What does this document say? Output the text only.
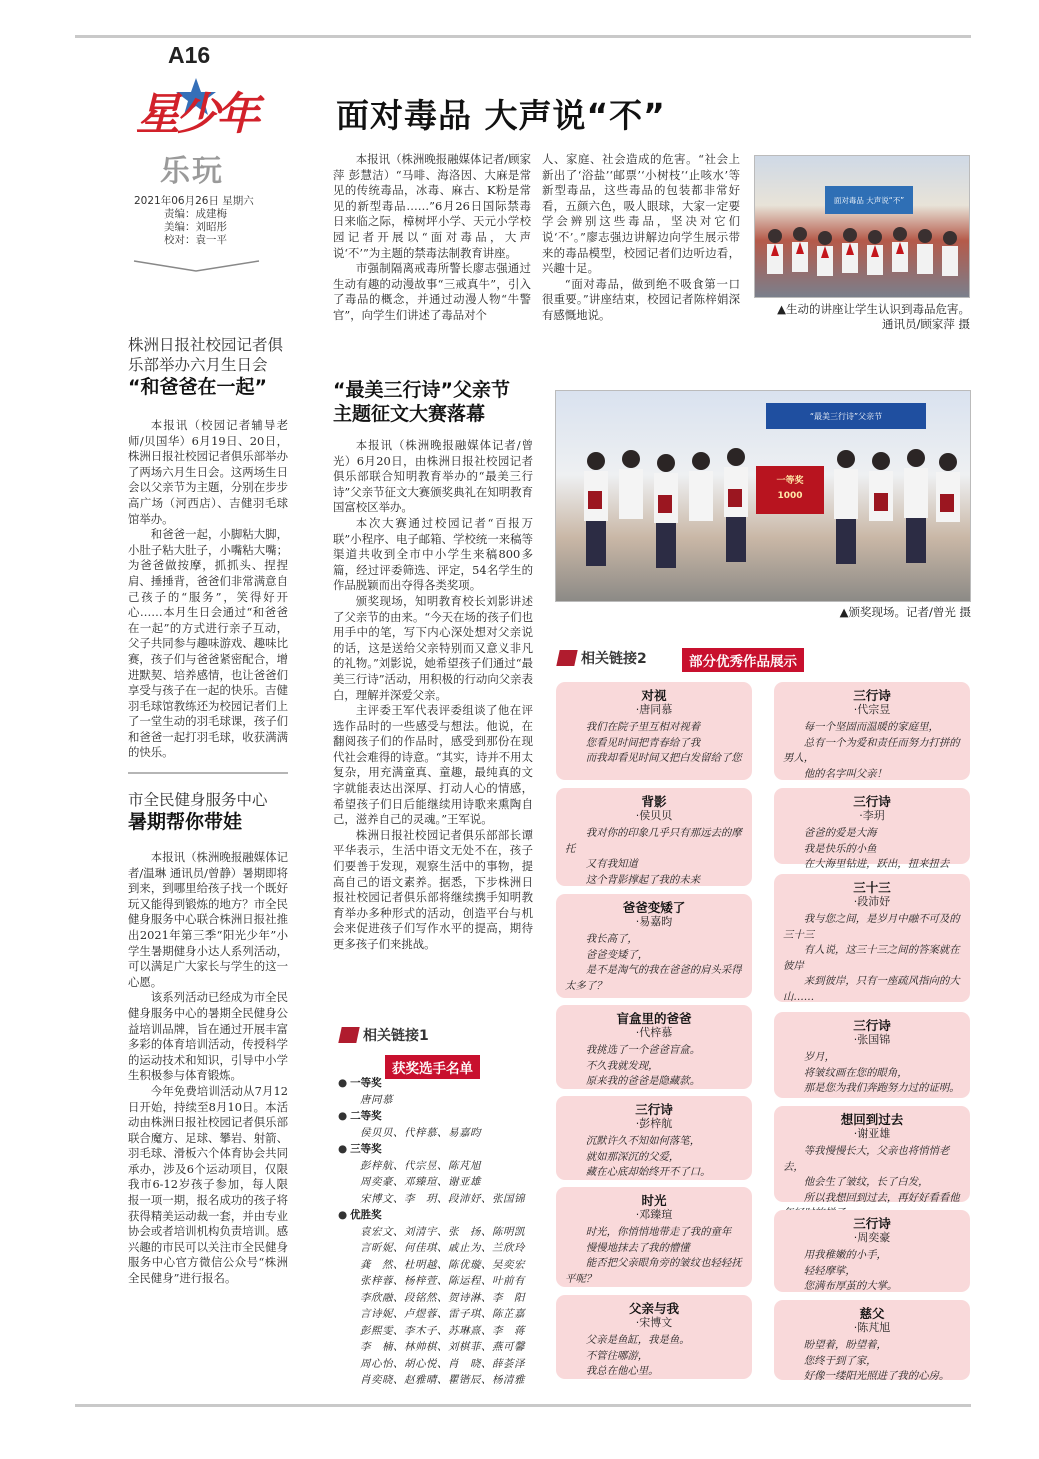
A16
星少年
乐玩
2021年06月26日 星期六
责编：成建梅
美编：刘昭彤
校对：袁一平
面对毒品 大声说“不”

本报讯（株洲晚报融媒体记者/顾家萍 彭慧洁）“马啡、海洛因、大麻是常见的传统毒品，冰毒、麻古、K粉是常见的新型毒品……”6月26日国际禁毒日来临之际，樟树坪小学、天元小学校园记者开展以“面对毒品，大声说‘不’”为主题的禁毒法制教育讲座。

市强制隔离戒毒所警长廖志强通过生动有趣的动漫故事“三戒真牛”，引入了毒品的概念，并通过动漫人物“牛警官”，向学生们讲述了毒品对个

人、家庭、社会造成的危害。“社会上新出了‘浴盐’‘邮票’‘小树枝’‘止咳水’等新型毒品，这些毒品的包装都非常好看，五颜六色，吸人眼球，大家一定要学会辨别这些毒品，坚决对它们说‘不’。”廖志强边讲解边向学生展示带来的毒品模型，校园记者们边听边看，兴趣十足。

“面对毒品，做到绝不吸食第一口很重要。”讲座结束，校园记者陈梓娟深有感慨地说。

面对毒品 大声说“不”
▲生动的讲座让学生认识到毒品危害。
通讯员/顾家萍 摄
株洲日报社校园记者俱
乐部举办六月生日会
“和爸爸在一起”

本报讯（校园记者辅导老师/贝国华）6月19日、20日，株洲日报社校园记者俱乐部举办了两场六月生日会。这两场生日会以父亲节为主题，分别在步步高广场（河西店）、吉健羽毛球馆举办。

和爸爸一起，小脚粘大脚，小肚子粘大肚子，小嘴粘大嘴；为爸爸做按摩，抓抓头、捏捏肩、捶捶背，爸爸们非常满意自己孩子的“服务”，笑得好开心……本月生日会通过“和爸爸在一起”的方式进行亲子互动，父子共同参与趣味游戏、趣味比赛，孩子们与爸爸紧密配合，增进默契、培养感情，也让爸爸们享受与孩子在一起的快乐。吉健羽毛球馆教练还为校园记者们上了一堂生动的羽毛球课，孩子们和爸爸一起打羽毛球，收获满满的快乐。

市全民健身服务中心
暑期帮你带娃

本报讯（株洲晚报融媒体记者/温琳 通讯员/曾静）暑期即将到来，到哪里给孩子找一个既好玩又能得到锻炼的地方？市全民健身服务中心联合株洲日报社推出2021年第三季“阳光少年”小学生暑期健身小达人系列活动，可以满足广大家长与学生的这一心愿。

该系列活动已经成为市全民健身服务中心的暑期全民健身公益培训品牌，旨在通过开展丰富多彩的体育培训活动，传授科学的运动技术和知识，引导中小学生积极参与体育锻炼。

今年免费培训活动从7月12日开始，持续至8月10日。本活动由株洲日报社校园记者俱乐部联合魔方、足球、攀岩、射箭、羽毛球、滑板六个体育协会共同承办，涉及6个运动项目，仅限我市6-12岁孩子参加，每人限报一项一期，报名成功的孩子将获得精美运动裁一套，并由专业协会或者培训机构负责培训。感兴趣的市民可以关注市全民健身服务中心官方微信公众号“株洲全民健身”进行报名。

“最美三行诗”父亲节
主题征文大赛落幕

本报讯（株洲晚报融媒体记者/曾光）6月20日，由株洲日报社校园记者俱乐部联合知明教育举办的“最美三行诗”父亲节征文大赛颁奖典礼在知明教育国富校区举办。

本次大赛通过校园记者“百报万联”小程序、电子邮箱、学校统一来稿等渠道共收到全市中小学生来稿800多篇，经过评委筛选、评定，54名学生的作品脱颖而出夺得各类奖项。

颁奖现场，知明教育校长刘影讲述了父亲节的由来。“今天在场的孩子们也用手中的笔，写下内心深处想对父亲说的话，这是送给父亲特别而又意义非凡的礼物。”刘影说，她希望孩子们通过“最美三行诗”活动，用积极的行动向父亲表白，理解并深爱父亲。

主评委王军代表评委组谈了他在评选作品时的一些感受与想法。他说，在翻阅孩子们的作品时，感受到那份在现代社会难得的诗意。“其实，诗并不用太复杂，用充满童真、童趣，最纯真的文字就能表达出深厚、打动人心的情感，希望孩子们日后能继续用诗歌来熏陶自己，滋养自己的灵魂。”王军说。

株洲日报社校园记者俱乐部部长谭平华表示，生活中语文无处不在，孩子们要善于发现，观察生活中的事物，提高自己的语文素养。据悉，下步株洲日报社校园记者俱乐部将继续携手知明教育举办多种形式的活动，创造平台与机会来促进孩子们写作水平的提高，期待更多孩子们来挑战。

“最美三行诗”父亲节
一等奖
1000
▲颁奖现场。记者/曾光 摄
相关链接1
获奖选手名单
● 一等奖
唐同慕
● 二等奖
侯贝贝、代梓慕、易嘉昀
● 三等奖
彭梓航、代宗昱、陈芃旭
周奕豪、邓臻瑄、谢亚雄
宋博文、李　玥、段沛妤、张国锦
● 优胜奖
袁宏文、刘清宇、张　扬、陈明凯
言昕妮、何佳琪、戚止为、兰欣玲
龚　然、杜明越、陈优璇、吴奕宏
张梓蓉、杨梓萱、陈运程、叶前有
李欣融、段铭然、贺诗淋、李　阳
言诗妮、卢煜蓉、雷子琪、陈芷嘉
彭熙雯、李木子、苏琳熹、李　蒋
李　楠、林帅棋、刘棋菲、燕可馨
周心怡、胡心悦、肖　晓、薛荟泽
肖奕晓、赵雅晴、瞿锴辰、杨清雅
相关链接2	部分优秀作品展示
对视
·唐同慕
我们在院子里互相对视着
您看见时间把青春给了我
而我却看见时间又把白发留给了您
背影
·侯贝贝
我对你的印象几乎只有那远去的摩托
又有我知道
这个背影撑起了我的未来
爸爸变矮了
·易嘉昀
我长高了，
爸爸变矮了，
是不是淘气的我在爸爸的肩头采得太多了？
盲盒里的爸爸
·代梓慕
我挑选了一个爸爸盲盒。
不久我就发现，
原来我的爸爸是隐藏款。
三行诗
·彭梓航
沉默许久不知如何落笔，
就如那深沉的父爱，
藏在心底却始终开不了口。
时光
·邓臻瑄
时光，你悄悄地带走了我的童年
慢慢地抹去了我的懵懂
能否把父亲眼角旁的皱纹也轻轻抚平呢？
父亲与我
·宋博文
父亲是鱼缸，我是鱼。
不管往哪游，
我总在他心里。
三行诗
·代宗昱
每一个坚固而温暖的家庭里，
总有一个为爱和责任而努力打拼的男人，
他的名字叫父亲！
三行诗
·李玥
爸爸的爱是大海
我是快乐的小鱼
在大海里钻进，跃出，扭来扭去
三十三
·段沛妤
我与您之间，是岁月中融不可及的三十三
有人说，这三十三之间的答案就在彼岸
来到彼岸，只有一座疏风指向的大山……
三行诗
·张国锦
岁月，
将皱纹画在您的眼角，
那是您为我们奔跑努力过的证明。
想回到过去
·谢亚雄
等我慢慢长大，父亲也将悄悄老去，
他会生了皱纹，长了白发，
所以我想回到过去，再好好看看他
三行诗
·周奕豪
用我稚嫩的小手，
轻轻摩挲，
您满布厚茧的大掌。
慈父
·陈芃旭
盼望着，盼望着，
您终于到了家，
好像一缕阳光照进了我的心房。
